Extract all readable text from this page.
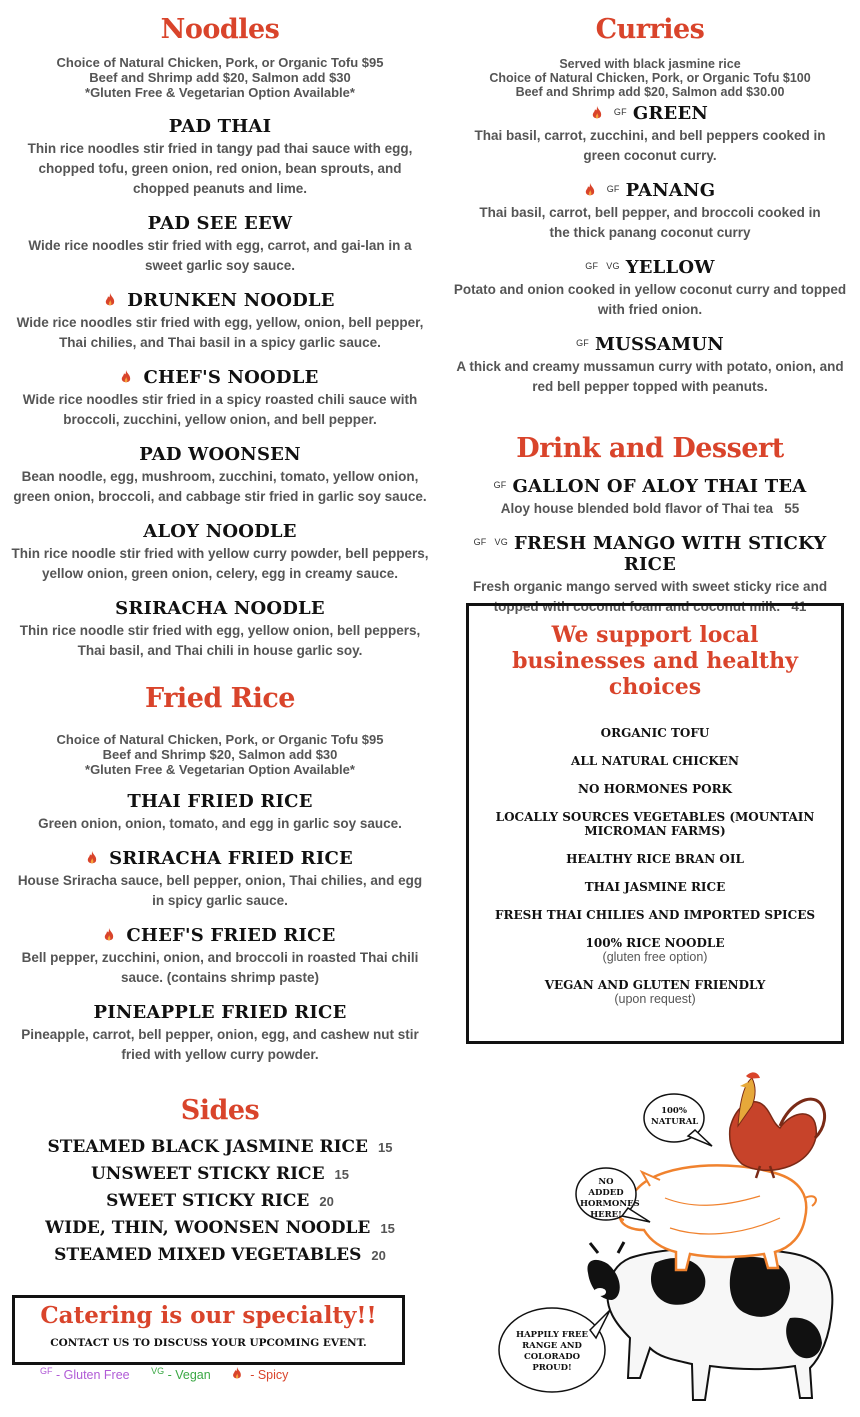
Noodles
Choice of Natural Chicken, Pork, or Organic Tofu $95
Beef and Shrimp add $20, Salmon add $30
*Gluten Free & Vegetarian Option Available*
PAD THAI
Thin rice noodles stir fried in tangy pad thai sauce with egg, chopped tofu, green onion, red onion, bean sprouts, and chopped peanuts and lime.
PAD SEE EEW
Wide rice noodles stir fried with egg, carrot, and gai-lan in a sweet garlic soy sauce.
DRUNKEN NOODLE
Wide rice noodles stir fried with egg, yellow, onion, bell pepper, Thai chilies, and Thai basil in a spicy garlic sauce.
CHEF'S NOODLE
Wide rice noodles stir fried in a spicy roasted chili sauce with broccoli, zucchini, yellow onion, and bell pepper.
PAD WOONSEN
Bean noodle, egg, mushroom, zucchini, tomato, yellow onion, green onion, broccoli, and cabbage stir fried in garlic soy sauce.
ALOY NOODLE
Thin rice noodle stir fried with yellow curry powder, bell peppers, yellow onion, green onion, celery, egg in creamy sauce.
SRIRACHA NOODLE
Thin rice noodle stir fried with egg, yellow onion, bell peppers, Thai basil, and Thai chili in house garlic soy.
Fried Rice
Choice of Natural Chicken, Pork, or Organic Tofu $95
Beef and Shrimp $20, Salmon add $30
*Gluten Free & Vegetarian Option Available*
THAI FRIED RICE
Green onion, onion, tomato, and egg in garlic soy sauce.
SRIRACHA FRIED RICE
House Sriracha sauce, bell pepper, onion, Thai chilies, and egg in spicy garlic sauce.
CHEF'S FRIED RICE
Bell pepper, zucchini, onion, and broccoli in roasted Thai chili sauce. (contains shrimp paste)
PINEAPPLE FRIED RICE
Pineapple, carrot, bell pepper, onion, egg, and cashew nut stir fried with yellow curry powder.
Sides
STEAMED BLACK JASMINE RICE 15
UNSWEET STICKY RICE 15
SWEET STICKY RICE 20
WIDE, THIN, WOONSEN NOODLE 15
STEAMED MIXED VEGETABLES 20
Catering is our specialty!!
CONTACT US TO DISCUSS YOUR UPCOMING EVENT.
$^{GF}$ - Gluten Free $^{VG}$ - Vegan	- Spicy
Curries
Served with black jasmine rice
Choice of Natural Chicken, Pork, or Organic Tofu $100
Beef and Shrimp add $20, Salmon add $30.00
$^{GF}$ GREEN
Thai basil, carrot, zucchini, and bell peppers cooked in green coconut curry.
$^{GF}$ PANANG
Thai basil, carrot, bell pepper, and broccoli cooked in the thick panang coconut curry
$^{GF VG}$ YELLOW
Potato and onion cooked in yellow coconut curry and topped with fried onion.
$^{GF}$ MUSSAMUN
A thick and creamy mussamun curry with potato, onion, and red bell pepper topped with peanuts.
Drink and Dessert
$^{GF}$ GALLON OF ALOY THAI TEA
Aloy house blended bold flavor of Thai tea 55
$^{GF VG}$ FRESH MANGO WITH STICKY RICE
Fresh organic mango served with sweet sticky rice and topped with coconut foam and coconut milk. 41
We support local businesses and healthy choices
ORGANIC TOFU
ALL NATURAL CHICKEN
NO HORMONES PORK
LOCALLY SOURCES VEGETABLES (MOUNTAIN MICROMAN FARMS)
HEALTHY RICE BRAN OIL
THAI JASMINE RICE
FRESH THAI CHILIES AND IMPORTED SPICES
100% RICE NOODLE
(gluten free option)
VEGAN AND GLUTEN FRIENDLY
(upon request)
100% NATURAL
NO ADDED HORMONES HERE!
HAPPILY FREE RANGE AND COLORADO PROUD!
